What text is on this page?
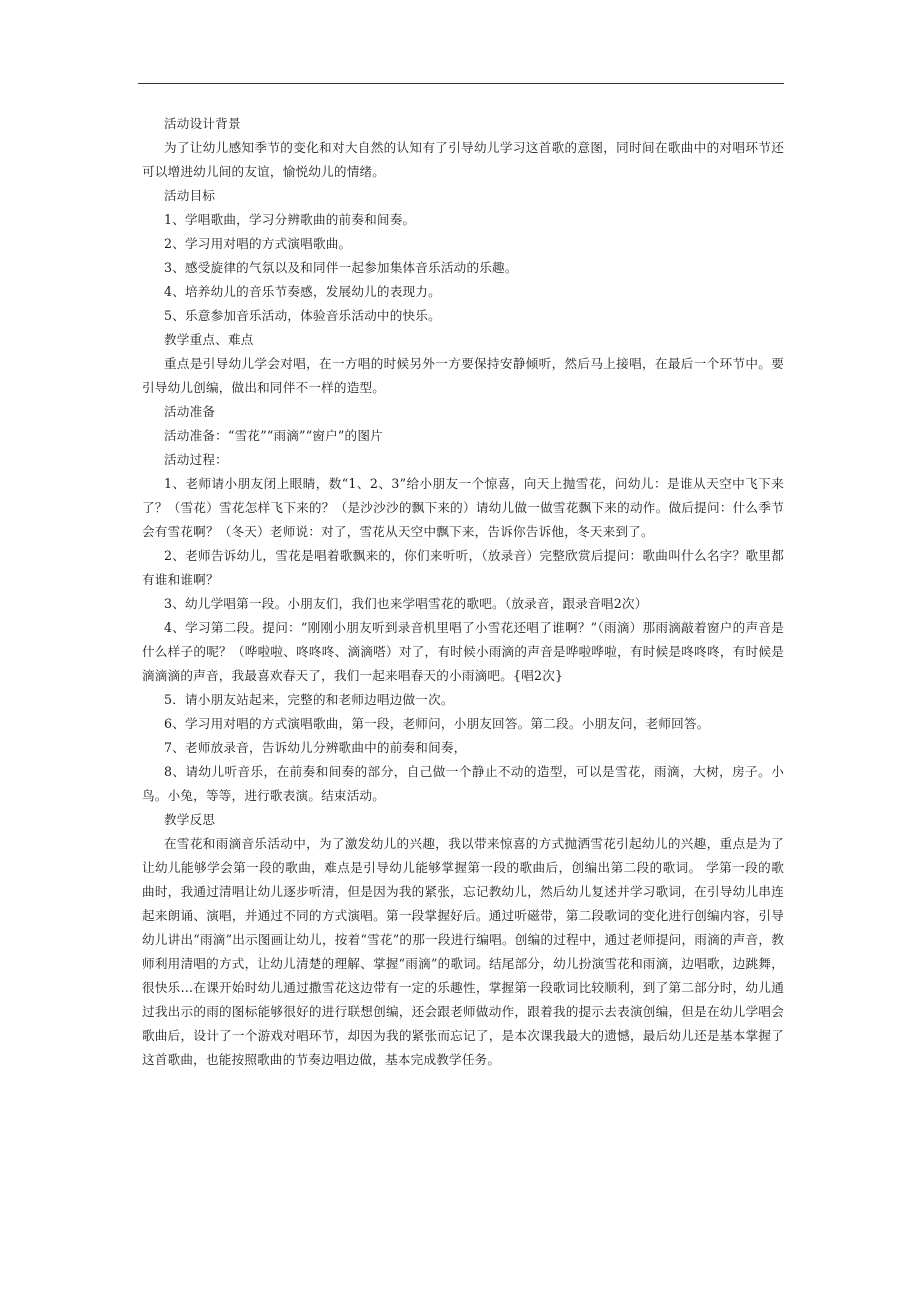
活动设计背景

为了让幼儿感知季节的变化和对大自然的认知有了引导幼儿学习这首歌的意图，同时间在歌曲中的对唱环节还可以增进幼儿间的友谊，愉悦幼儿的情绪。

活动目标

1、学唱歌曲，学习分辨歌曲的前奏和间奏。

2、学习用对唱的方式演唱歌曲。

3、感受旋律的气氛以及和同伴一起参加集体音乐活动的乐趣。

4、培养幼儿的音乐节奏感，发展幼儿的表现力。

5、乐意参加音乐活动，体验音乐活动中的快乐。

教学重点、难点

重点是引导幼儿学会对唱，在一方唱的时候另外一方要保持安静倾听，然后马上接唱，在最后一个环节中。要引导幼儿创编，做出和同伴不一样的造型。

活动准备

活动准备：“雪花”“雨滴”“窗户”的图片

活动过程：

1、老师请小朋友闭上眼睛，数“1、2、3”给小朋友一个惊喜，向天上抛雪花，问幼儿：是谁从天空中飞下来了？（雪花）雪花怎样飞下来的？（是沙沙沙的飘下来的）请幼儿做一做雪花飘下来的动作。做后提问：什么季节会有雪花啊？（冬天）老师说：对了，雪花从天空中飘下来，告诉你告诉他，冬天来到了。

2、老师告诉幼儿，雪花是唱着歌飘来的，你们来听听，（放录音）完整欣赏后提问：歌曲叫什么名字？歌里都有谁和谁啊？

3、幼儿学唱第一段。小朋友们，我们也来学唱雪花的歌吧。（放录音，跟录音唱2次）

4、学习第二段。提问：“刚刚小朋友听到录音机里唱了小雪花还唱了谁啊？”（雨滴）那雨滴敲着窗户的声音是什么样子的呢？（哗啦啦、咚咚咚、滴滴嗒）对了，有时候小雨滴的声音是哗啦哗啦，有时候是咚咚咚，有时候是滴滴滴的声音，我最喜欢春天了，我们一起来唱春天的小雨滴吧。{唱2次}

5．请小朋友站起来，完整的和老师边唱边做一次。

6、学习用对唱的方式演唱歌曲，第一段，老师问，小朋友回答。第二段。小朋友问，老师回答。

7、老师放录音，告诉幼儿分辨歌曲中的前奏和间奏，

8、请幼儿听音乐，在前奏和间奏的部分，自己做一个静止不动的造型，可以是雪花，雨滴，大树，房子。小鸟。小兔，等等，进行歌表演。结束活动。

教学反思

在雪花和雨滴音乐活动中，为了激发幼儿的兴趣，我以带来惊喜的方式抛洒雪花引起幼儿的兴趣，重点是为了让幼儿能够学会第一段的歌曲，难点是引导幼儿能够掌握第一段的歌曲后，创编出第二段的歌词。 学第一段的歌曲时，我通过清唱让幼儿逐步听清，但是因为我的紧张，忘记教幼儿，然后幼儿复述并学习歌词，在引导幼儿串连起来朗诵、演唱，并通过不同的方式演唱。第一段掌握好后。通过听磁带，第二段歌词的变化进行创编内容，引导幼儿讲出“雨滴”出示图画让幼儿，按着“雪花”的那一段进行编唱。创编的过程中，通过老师提问，雨滴的声音，教师利用清唱的方式，让幼儿清楚的理解、掌握“雨滴”的歌词。结尾部分，幼儿扮演雪花和雨滴，边唱歌，边跳舞，很快乐…在课开始时幼儿通过撒雪花这边带有一定的乐趣性，掌握第一段歌词比较顺利，到了第二部分时，幼儿通过我出示的雨的图标能够很好的进行联想创编，还会跟老师做动作，跟着我的提示去表演创编，但是在幼儿学唱会歌曲后，设计了一个游戏对唱环节，却因为我的紧张而忘记了，是本次课我最大的遗憾，最后幼儿还是基本掌握了这首歌曲，也能按照歌曲的节奏边唱边做，基本完成教学任务。
